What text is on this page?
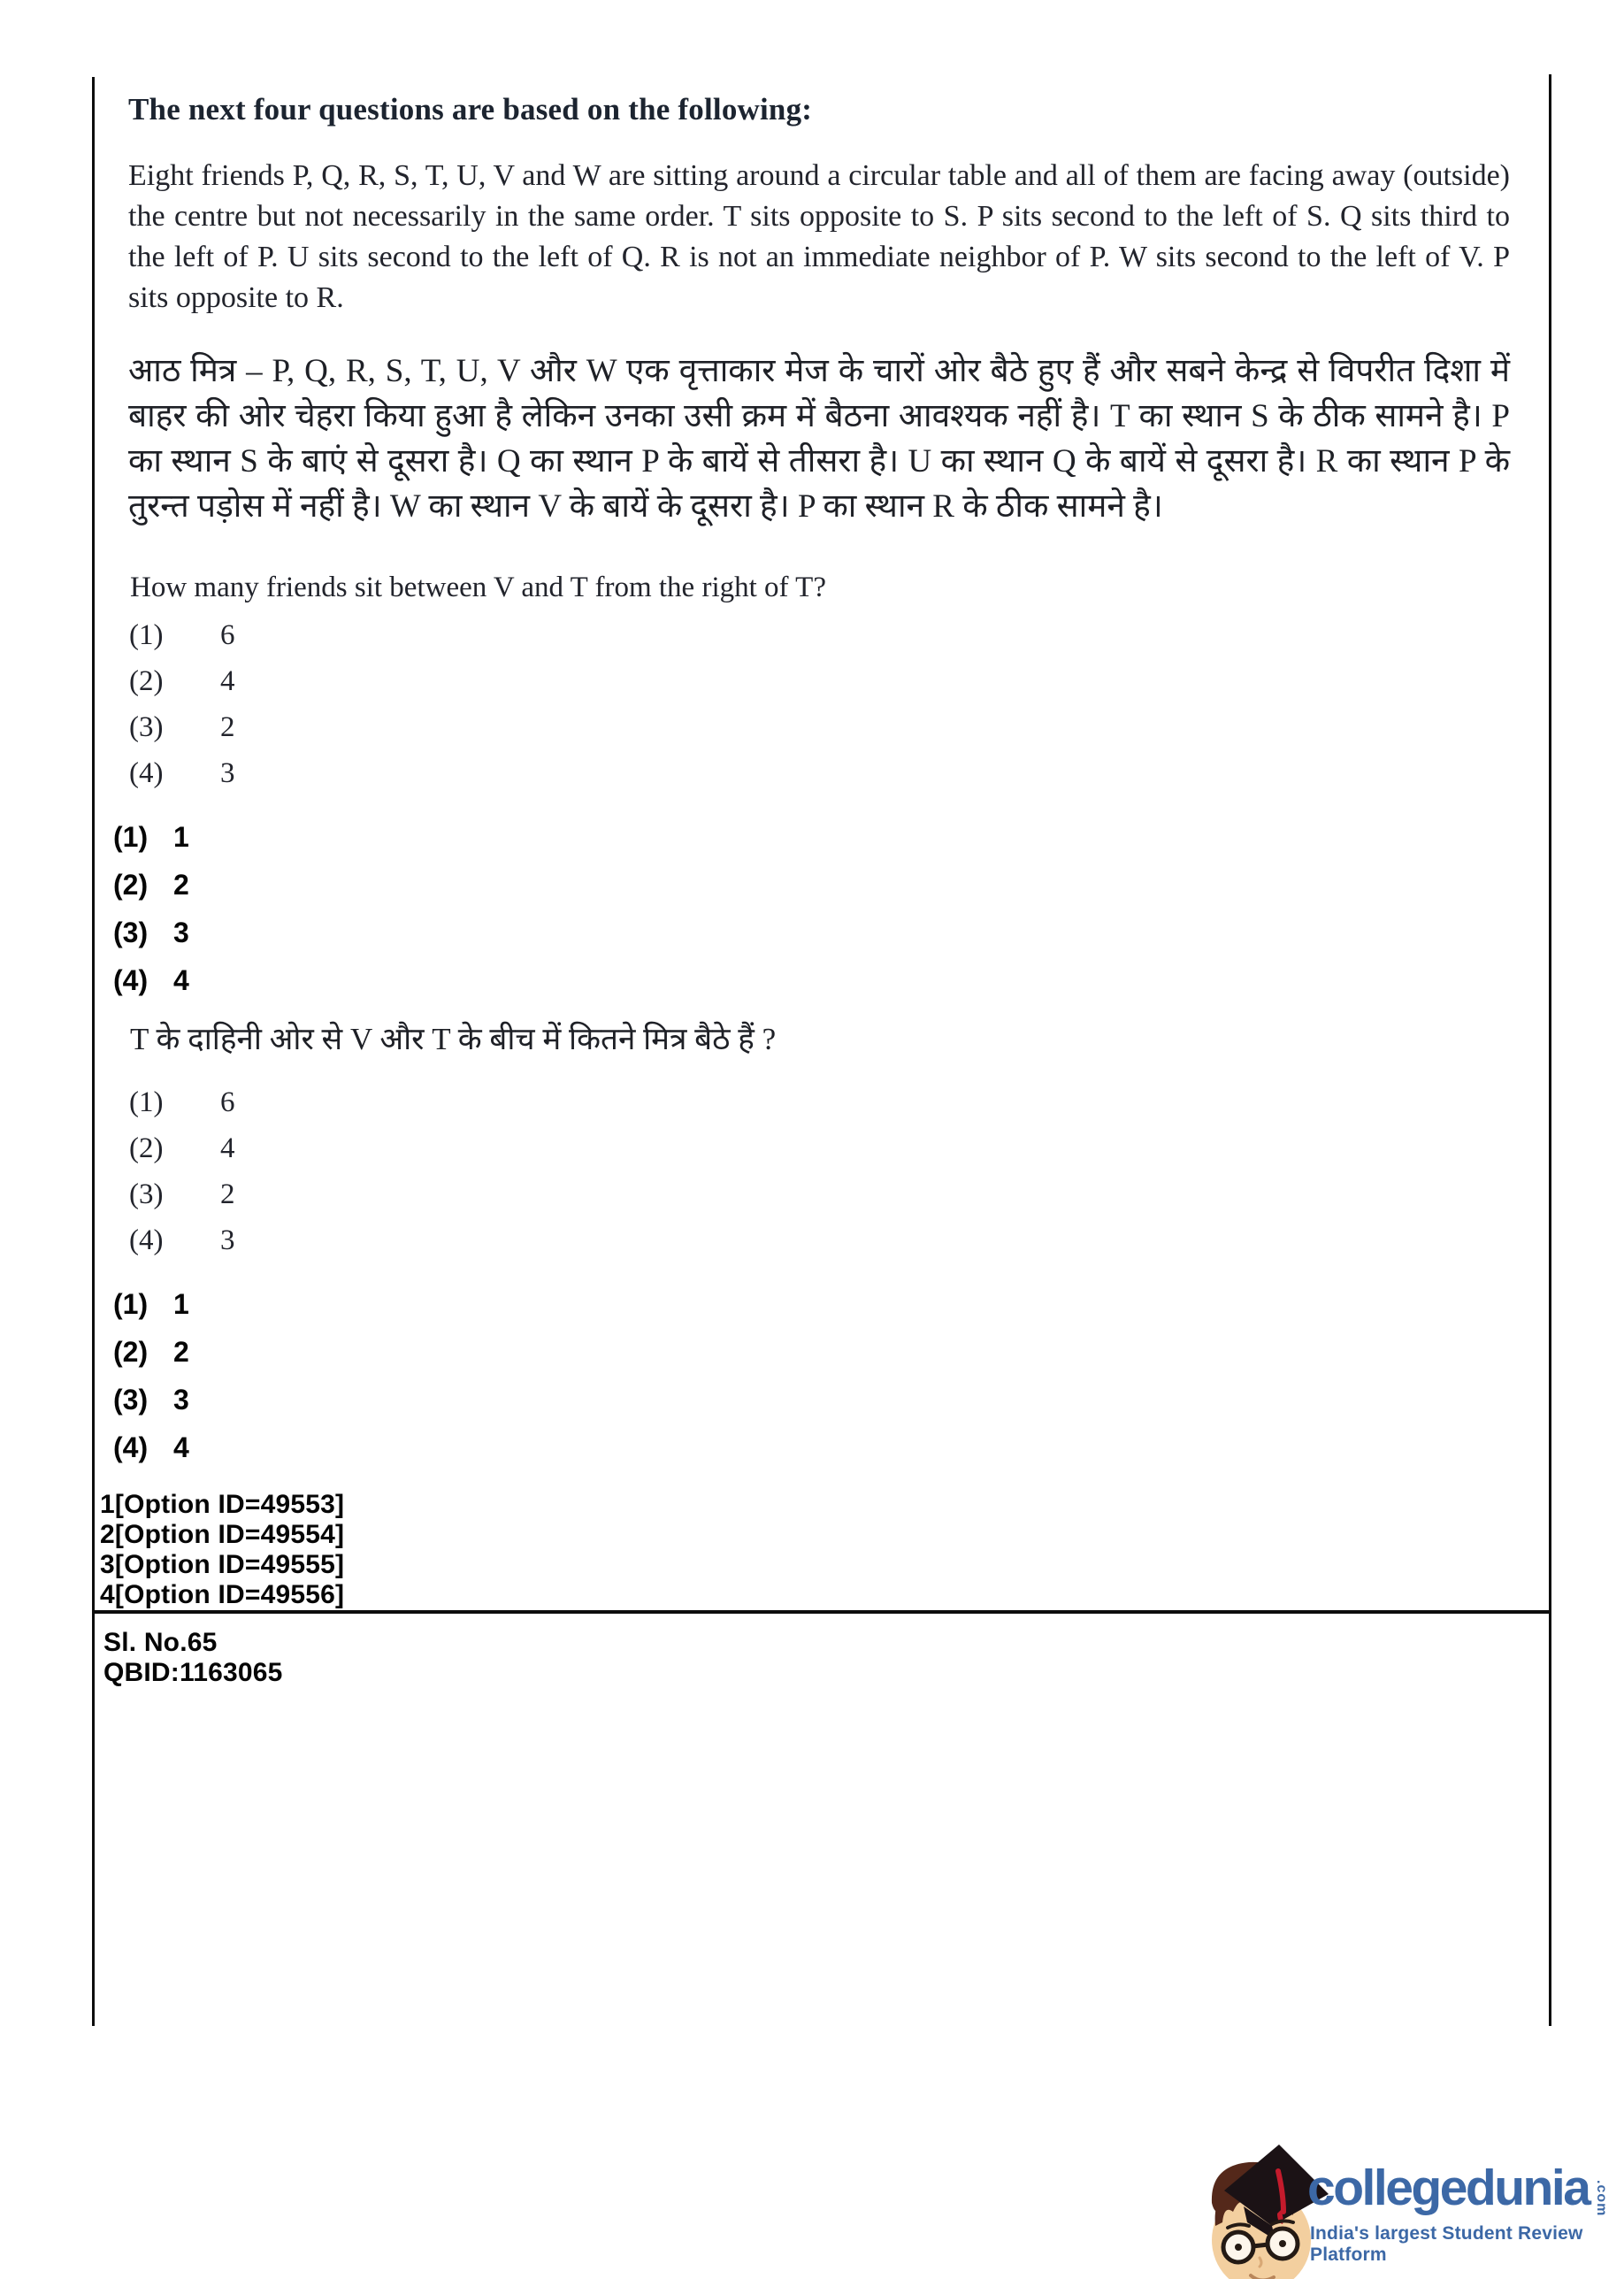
The next four questions are based on the following:

Eight friends P, Q, R, S, T, U, V and W are sitting around a circular table and all of them are facing away (outside) the centre but not necessarily in the same order. T sits opposite to S. P sits second to the left of S. Q sits third to the left of P. U sits second to the left of Q. R is not an immediate neighbor of P. W sits second to the left of V. P sits opposite to R.

आठ मित्र – P, Q, R, S, T, U, V और W एक वृत्ताकार मेज के चारों ओर बैठे हुए हैं और सबने केन्द्र से विपरीत दिशा में बाहर की ओर चेहरा किया हुआ है लेकिन उनका उसी क्रम में बैठना आवश्यक नहीं है। T का स्थान S के ठीक सामने है। P का स्थान S के बाएं से दूसरा है। Q का स्थान P के बायें से तीसरा है। U का स्थान Q के बायें से दूसरा है। R का स्थान P के तुरन्त पड़ोस में नहीं है। W का स्थान V के बायें के दूसरा है। P का स्थान R के ठीक सामने है।

How many friends sit between V and T from the right of T?

(1)	6
(2)	4
(3)	2
(4)	3
(1) 1
(2) 2
(3) 3
(4) 4

T के दाहिनी ओर से V और T के बीच में कितने मित्र बैठे हैं ?

(1)	6
(2)	4
(3)	2
(4)	3
(1) 1
(2) 2
(3) 3
(4) 4
1[Option ID=49553]
2[Option ID=49554]
3[Option ID=49555]
4[Option ID=49556]
Sl. No.65
QBID:1163065
collegedunia .com
India's largest Student Review Platform
